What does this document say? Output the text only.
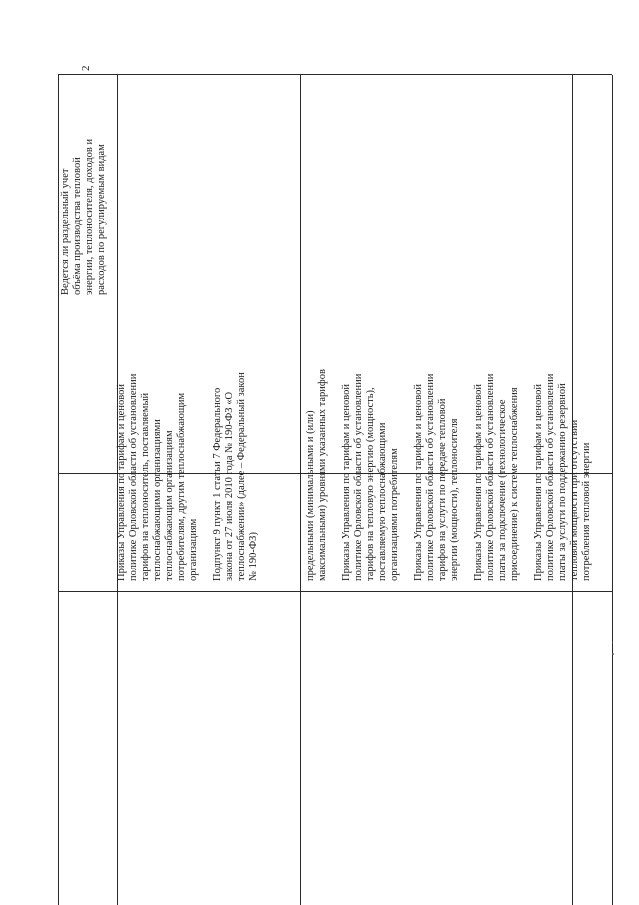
2
Ведется ли раздельный учет
объёма производства тепловой
энергии, теплоносителя, доходов и
расходов по регулируемым видам
предельными (минимальными и (или)
максимальными) уровнями указанных тарифов
Приказы Управления по тарифам и ценовой
политике Орловской области об установлении
тарифов на тепловую энергию (мощность),
поставляемую теплоснабжающими
организациями потребителям
Приказы Управления по тарифам и ценовой
политике Орловской области об установлении
тарифов на услуги по передаче тепловой
энергии (мощности), теплоносителя
Приказы Управления по тарифам и ценовой
политике Орловской области об установлении
платы за подключение (технологическое
присоединение) к системе теплоснабжения
Приказы Управления по тарифам и ценовой
политике Орловской области об установлении
платы за услуги по поддержанию резервной
тепловой мощности при отсутствии
потребления тепловой энергии
Приказы Управления по тарифам и ценовой
политике Орловской области об установлении
тарифов на теплоноситель, поставляемый
теплоснабжающими организациями
теплоснабжающим организациям
потребителям, другим теплоснабжающим
организациям Подпункт 9 пункт 1 статьи 7 Федерального
закона от 27 июля 2010 года № 190-ФЗ «О
теплоснабжении» (далее – Федеральный закон
№ 190-ФЗ)
